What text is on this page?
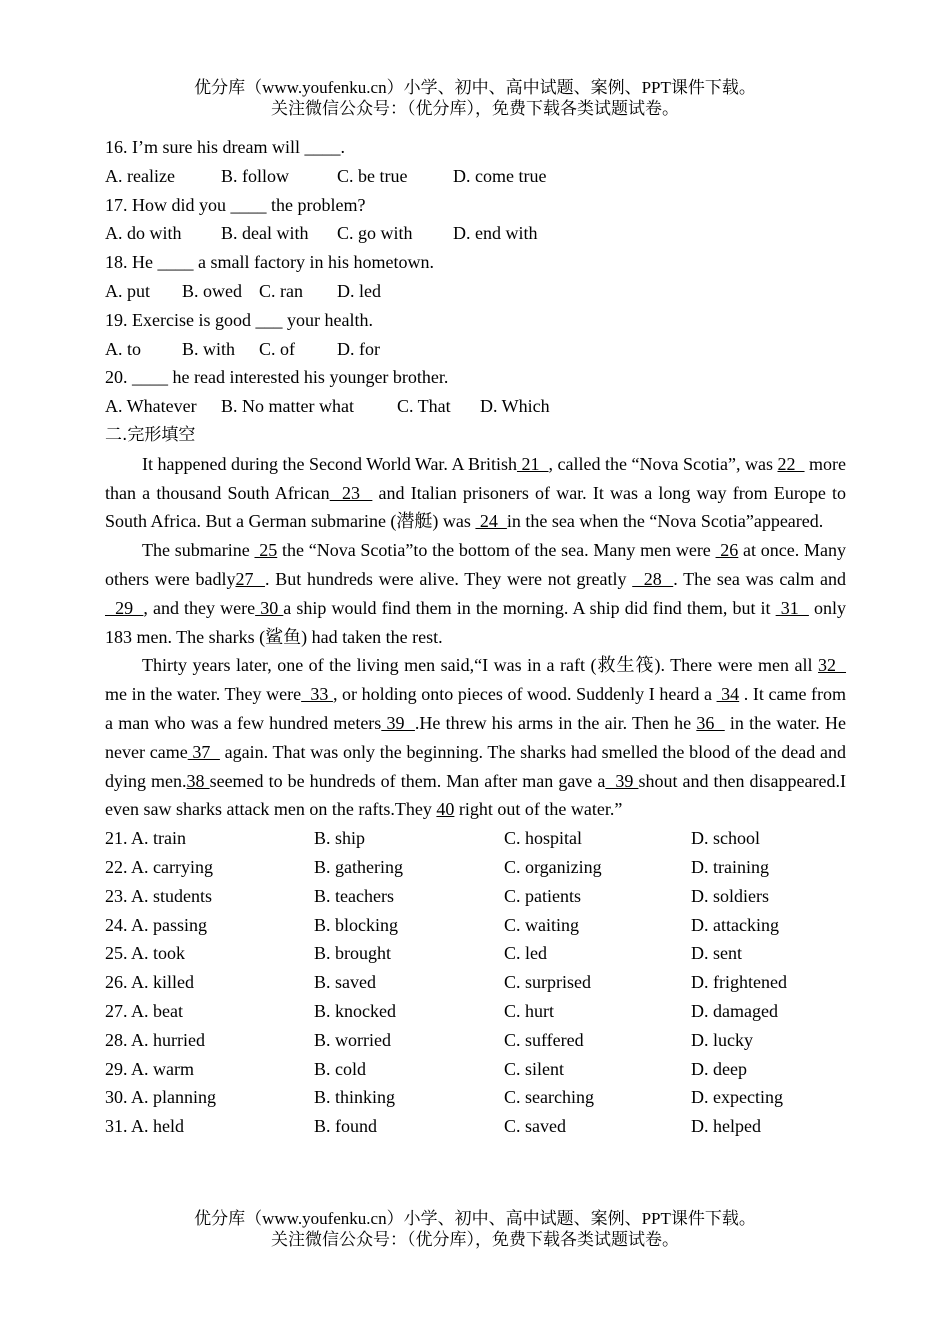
优分库（www.youfenku.cn）小学、初中、高中试题、案例、PPT课件下载。
关注微信公众号：（优分库），免费下载各类试题试卷。
16. I’m sure his dream will ____.
A. realize	B. follow	C. be true	D. come true
17. How did you ____ the problem?
A. do with B. deal with C. go with D. end with
18. He ____ a small factory in his hometown.
A. put B. owed C. ran D. led
19. Exercise is good ___ your health.
A. to B. with C. of D. for
20. ____ he read interested his younger brother.
A. Whatever B. No matter what C. That D. Which
二.完形填空

It happened during the Second World War. A British 21  , called the “Nova Scotia”, was 22   more than a thousand South African  23   and Italian prisoners of war. It was a long way from Europe to South Africa. But a German submarine (潜艇) was  24  in the sea when the “Nova Scotia”appeared.

The submarine  25 the “Nova Scotia”to the bottom of the sea. Many men were  26 at once. Many others were badly27  . But hundreds were alive. They were not greatly   28  . The sea was calm and  29  , and they were 30 a ship would find them in the morning. A ship did find them, but it  31   only 183 men. The sharks (鲨鱼) had taken the rest.

Thirty years later, one of the living men said,“I was in a raft (救生筏). There were men all 32   me in the water. They were  33 , or holding onto pieces of wood. Suddenly I heard a  34 . It came from a man who was a few hundred meters 39  .He threw his arms in the air. Then he 36   in the water. He never came 37   again. That was only the beginning. The sharks had smelled the blood of the dead and dying men.38 seemed to be hundreds of them. Man after man gave a  39 shout and then disappeared.I even saw sharks attack men on the rafts.They 40 right out of the water.”

21. A. train	B. ship	C. hospital	D. school
22. A. carrying	B. gathering	C. organizing	D. training
23. A. students	B. teachers	C. patients	D. soldiers
24. A. passing	B. blocking	C. waiting	D. attacking
25. A. took	B. brought	C. led	D. sent
26. A. killed	B. saved	C. surprised	D. frightened
27. A. beat	B. knocked	C. hurt	D. damaged
28. A. hurried	B. worried	C. suffered	D. lucky
29. A. warm	B. cold	C. silent	D. deep
30. A. planning	B. thinking	C. searching	D. expecting
31. A. held	B. found	C. saved	D. helped
优分库（www.youfenku.cn）小学、初中、高中试题、案例、PPT课件下载。
关注微信公众号：（优分库），免费下载各类试题试卷。
